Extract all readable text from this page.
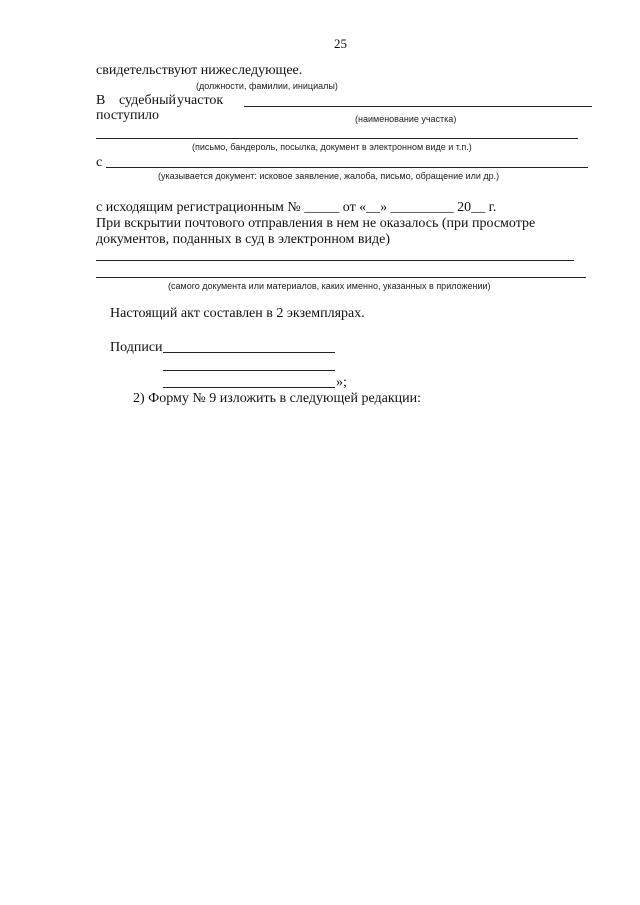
25
свидетельствуют нижеследующее.
(должности, фамилии, инициалы)
В судебный участок
поступило	(наименование участка)
(письмо, бандероль, посылка, документ в электронном виде и т.п.)
с
(указывается документ: исковое заявление, жалоба, письмо, обращение или др.)
с исходящим регистрационным № _____ от «__» _________ 20__ г.
При вскрытии почтового отправления в нем не оказалось (при просмотре
документов, поданных в суд в электронном виде)
(самого документа или материалов, каких именно, указанных в приложении)
Настоящий акт составлен в 2 экземплярах.
Подписи
»;
2) Форму № 9 изложить в следующей редакции:
